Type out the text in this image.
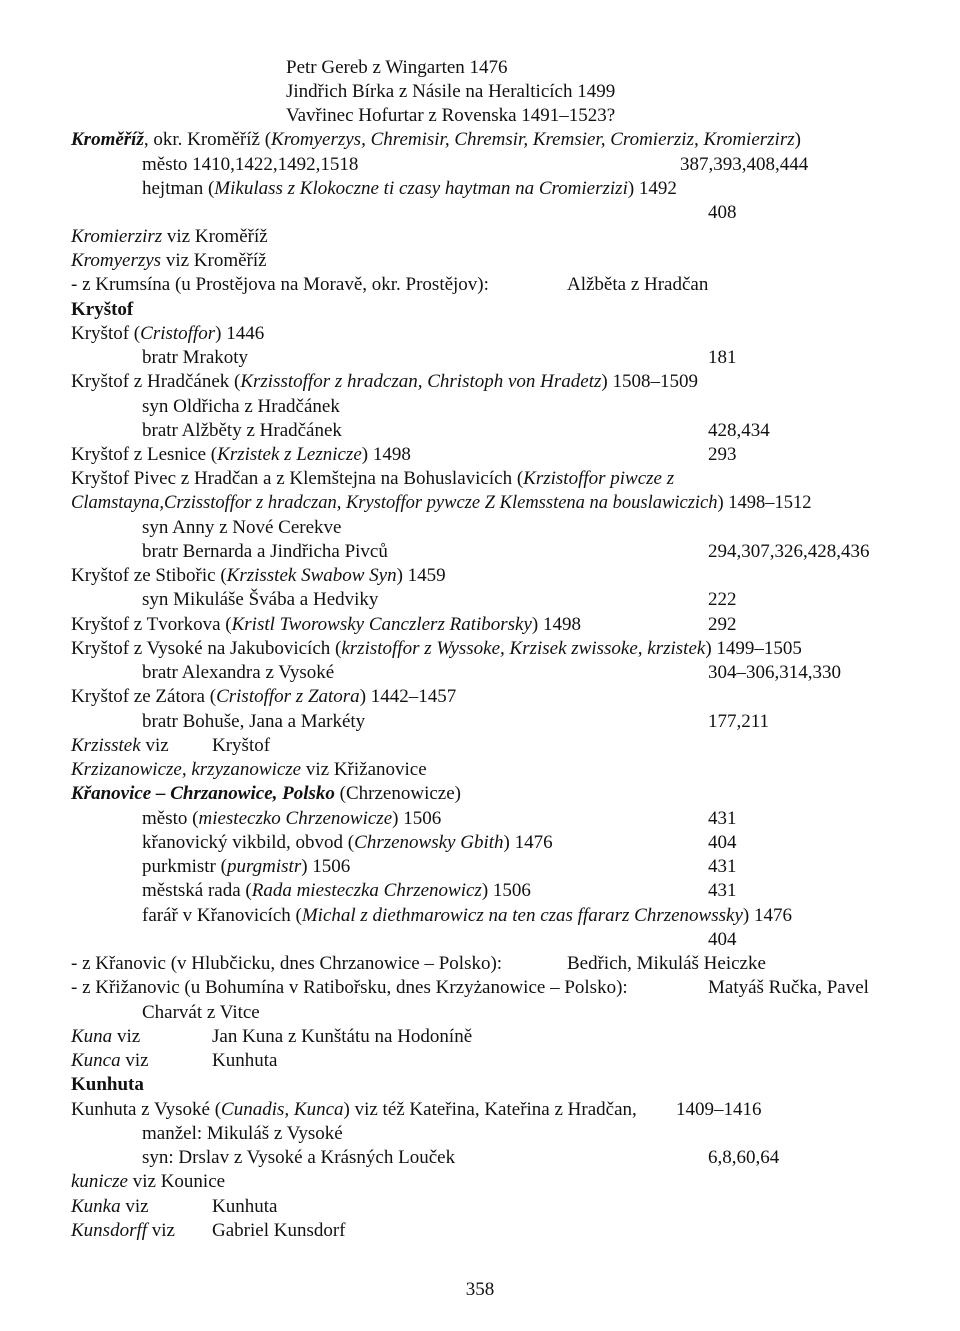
Petr Gereb z Wingarten 1476
Jindřich Bírka z Násile na Heralticích 1499
Vavřinec Hofurtar z Rovenska 1491–1523?
Kroměříž, okr. Kroměříž (Kromyerzys, Chremisir, Chremsir, Kremsier, Cromierziz, Kromierzirz)
město 1410,1422,1492,1518	387,393,408,444
hejtman (Mikulass z Klokoczne ti czasy haytman na Cromierzizi) 1492
408
Kromierzirz viz Kroměříž
Kromyerzys viz Kroměříž
- z Krumsína (u Prostějova na Moravě, okr. Prostějov):	Alžběta z Hradčan
Kryštof
Kryštof (Cristoffor) 1446
bratr Mrakoty	181
Kryštof z Hradčánek (Krzisstoffor z hradczan, Christoph von Hradetz) 1508–1509
syn Oldřicha z Hradčánek
bratr Alžběty z Hradčánek	428,434
Kryštof z Lesnice (Krzistek z Leznicze) 1498	293
Kryštof Pivec z Hradčan a z Klemštejna na Bohuslavicích (Krzistoffor piwcze z
Clamstayna,Crzisstoffor z hradczan, Krystoffor pywcze Z Klemsstena na bouslawiczich) 1498–1512
syn Anny z Nové Cerekve
bratr Bernarda a Jindřicha Pivců	294,307,326,428,436
Kryštof ze Stibořic (Krzisstek Swabow Syn) 1459
syn Mikuláše Švába a Hedviky	222
Kryštof z Tvorkova (Kristl Tworowsky Canczlerz Ratiborsky) 1498	292
Kryštof z Vysoké na Jakubovicích (krzistoffor z Wyssoke, Krzisek zwissoke, krzistek) 1499–1505
bratr Alexandra z Vysoké	304–306,314,330
Kryštof ze Zátora (Cristoffor z Zatora) 1442–1457
bratr Bohuše, Jana a Markéty	177,211
Krzisstek viz Kryštof
Krzizanowicze, krzyzanowicze viz Křižanovice
Křanovice – Chrzanowice, Polsko (Chrzenowicze)
město (miesteczko Chrzenowicze) 1506	431
křanovický vikbild, obvod (Chrzenowsky Gbith) 1476	404
purkmistr (purgmistr) 1506	431
městská rada (Rada miesteczka Chrzenowicz) 1506	431
farář v Křanovicích (Michal z diethmarowicz na ten czas ffararz Chrzenowssky) 1476
404
- z Křanovic (v Hlubčicku, dnes Chrzanowice – Polsko):	Bedřich, Mikuláš Heiczke
- z Křižanovic (u Bohumína v Ratibořsku, dnes Krzyżanowice – Polsko):	Matyáš Ručka, Pavel
Charvát z Vitce
Kuna viz	Jan Kuna z Kunštátu na Hodoníně
Kunca viz	Kunhuta
Kunhuta
Kunhuta z Vysoké (Cunadis, Kunca) viz též Kateřina, Kateřina z Hradčan, 1409–1416
manžel: Mikuláš z Vysoké
syn: Drslav z Vysoké a Krásných Louček	6,8,60,64
kunicze viz Kounice
Kunka viz	Kunhuta
Kunsdorff viz Gabriel Kunsdorf
358
